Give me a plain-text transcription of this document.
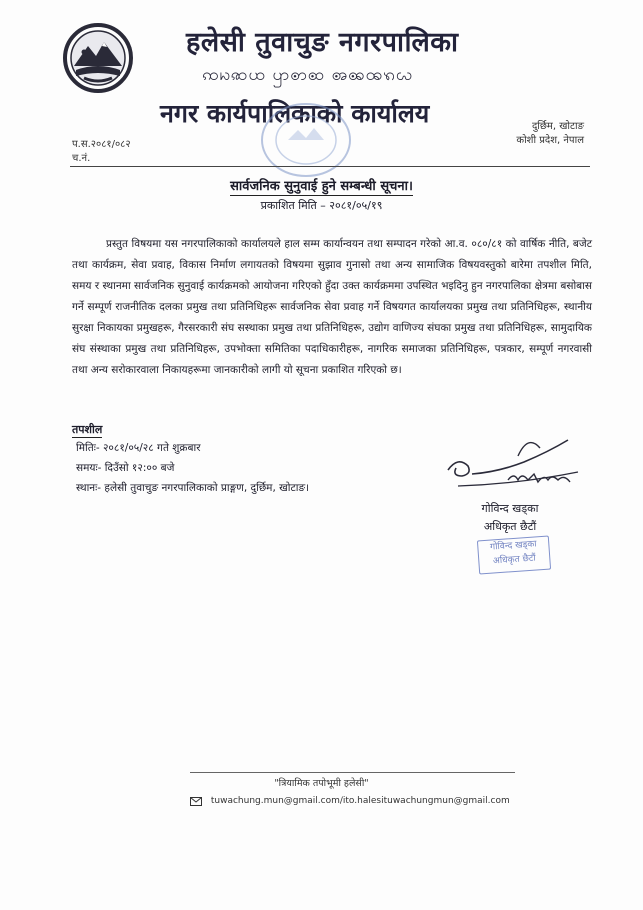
हलेसी तुवाचुङ नगरपालिका
ꩡꩢꩣꩤ ꩥꩦꩧ ꩨꩩꩪꩫꩬ
नगर कार्यपालिकाको कार्यालय
प.स.२०८१/०८२
च.नं.
दुर्छिम, खोटाङ
कोशी प्रदेश, नेपाल
सार्वजनिक सुनुवाई हुने सम्बन्धी सूचना।
प्रकाशित मिति – २०८१/०५/१९
प्रस्तुत विषयमा यस नगरपालिकाको कार्यालयले हाल सम्म कार्यान्वयन तथा सम्पादन गरेको आ.व. ०८०/८१ को वार्षिक नीति, बजेट तथा कार्यक्रम, सेवा प्रवाह, विकास निर्माण लगायतको विषयमा सुझाव गुनासो तथा अन्य सामाजिक विषयवस्तुको बारेमा तपशील मिति, समय र स्थानमा सार्वजनिक सुनुवाई कार्यक्रमको आयोजना गरिएको हुँदा उक्त कार्यक्रममा उपस्थित भइदिनु हुन नगरपालिका क्षेत्रमा बसोबास गर्ने सम्पूर्ण राजनीतिक दलका प्रमुख तथा प्रतिनिधिहरू सार्वजनिक सेवा प्रवाह गर्ने विषयगत कार्यालयका प्रमुख तथा प्रतिनिधिहरू, स्थानीय सुरक्षा निकायका प्रमुखहरू, गैरसरकारी संघ सस्थाका प्रमुख तथा प्रतिनिधिहरू, उद्योग वाणिज्य संघका प्रमुख तथा प्रतिनिधिहरू, सामुदायिक संघ संस्थाका प्रमुख तथा प्रतिनिधिहरू, उपभोक्ता समितिका पदाधिकारीहरू, नागरिक समाजका प्रतिनिधिहरू, पत्रकार, सम्पूर्ण नगरवासी तथा अन्य सरोकारवाला निकायहरूमा जानकारीको लागी यो सूचना प्रकाशित गरिएको छ।
तपशील
मितिः- २०८१/०५/२८ गते शुक्रबार
समयः- दिउँसो १२:०० बजे
स्थानः- हलेसी तुवाचुङ नगरपालिकाको प्राङ्गण, दुर्छिम, खोटाङ।
गोविन्द खड्का
अधिकृत छैटौं
गोविन्द खड्का
अधिकृत छैटौं
"त्रियामिक तपोभूमी हलेसी"
tuwachung.mun@gmail.com/ito.halesituwachungmun@gmail.com
